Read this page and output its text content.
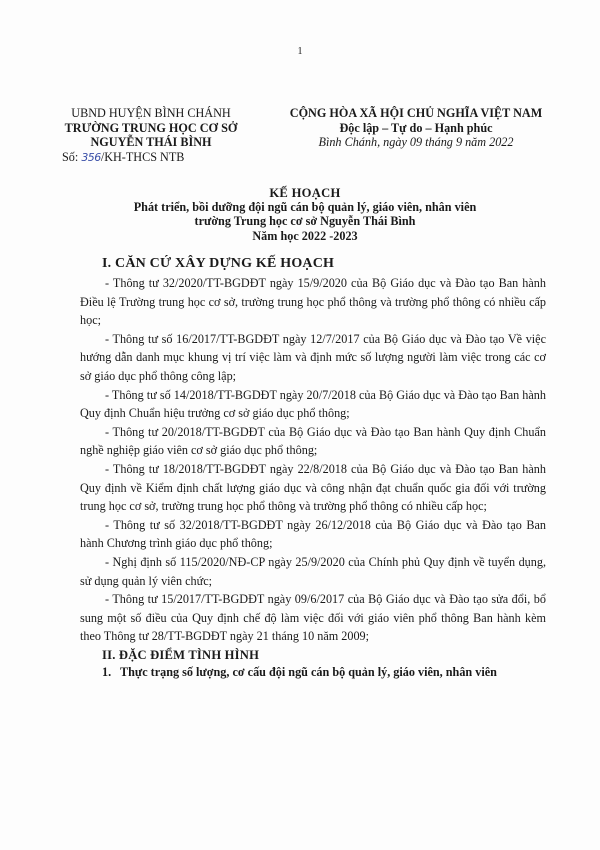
1
UBND HUYỆN BÌNH CHÁNH
TRƯỜNG TRUNG HỌC CƠ SỞ
NGUYỄN THÁI BÌNH
Số: 356/KH-THCS NTB
CỘNG HÒA XÃ HỘI CHỦ NGHĨA VIỆT NAM
Độc lập – Tự do – Hạnh phúc
Bình Chánh, ngày 09 tháng 9 năm 2022
KẾ HOẠCH
Phát triển, bồi dưỡng đội ngũ cán bộ quản lý, giáo viên, nhân viên
trường Trung học cơ sở Nguyễn Thái Bình
Năm học 2022 -2023
I. CĂN CỨ XÂY DỰNG KẾ HOẠCH

- Thông tư 32/2020/TT-BGDĐT ngày 15/9/2020 của Bộ Giáo dục và Đào tạo Ban hành Điều lệ Trường trung học cơ sở, trường trung học phổ thông và trường phổ thông có nhiều cấp học;

- Thông tư số 16/2017/TT-BGDĐT ngày 12/7/2017 của Bộ Giáo dục và Đào tạo Về việc hướng dẫn danh mục khung vị trí việc làm và định mức số lượng người làm việc trong các cơ sở giáo dục phổ thông công lập;

- Thông tư số 14/2018/TT-BGDĐT ngày 20/7/2018 của Bộ Giáo dục và Đào tạo Ban hành Quy định Chuẩn hiệu trưởng cơ sở giáo dục phổ thông;

- Thông tư 20/2018/TT-BGDĐT của Bộ Giáo dục và Đào tạo Ban hành Quy định Chuẩn nghề nghiệp giáo viên cơ sở giáo dục phổ thông;

- Thông tư 18/2018/TT-BGDĐT ngày 22/8/2018 của Bộ Giáo dục và Đào tạo Ban hành Quy định về Kiểm định chất lượng giáo dục và công nhận đạt chuẩn quốc gia đối với trường trung học cơ sở, trường trung học phổ thông và trường phổ thông có nhiều cấp học;

- Thông tư số 32/2018/TT-BGDĐT ngày 26/12/2018 của Bộ Giáo dục và Đào tạo Ban hành Chương trình giáo dục phổ thông;

- Nghị định số 115/2020/NĐ-CP ngày 25/9/2020 của Chính phủ Quy định về tuyển dụng, sử dụng quản lý viên chức;

- Thông tư 15/2017/TT-BGDĐT ngày 09/6/2017 của Bộ Giáo dục và Đào tạo sửa đổi, bổ sung một số điều của Quy định chế độ làm việc đối với giáo viên phổ thông Ban hành kèm theo Thông tư 28/TT-BGDĐT ngày 21 tháng 10 năm 2009;

II. ĐẶC ĐIỂM TÌNH HÌNH
1. Thực trạng số lượng, cơ cấu đội ngũ cán bộ quản lý, giáo viên, nhân viên
